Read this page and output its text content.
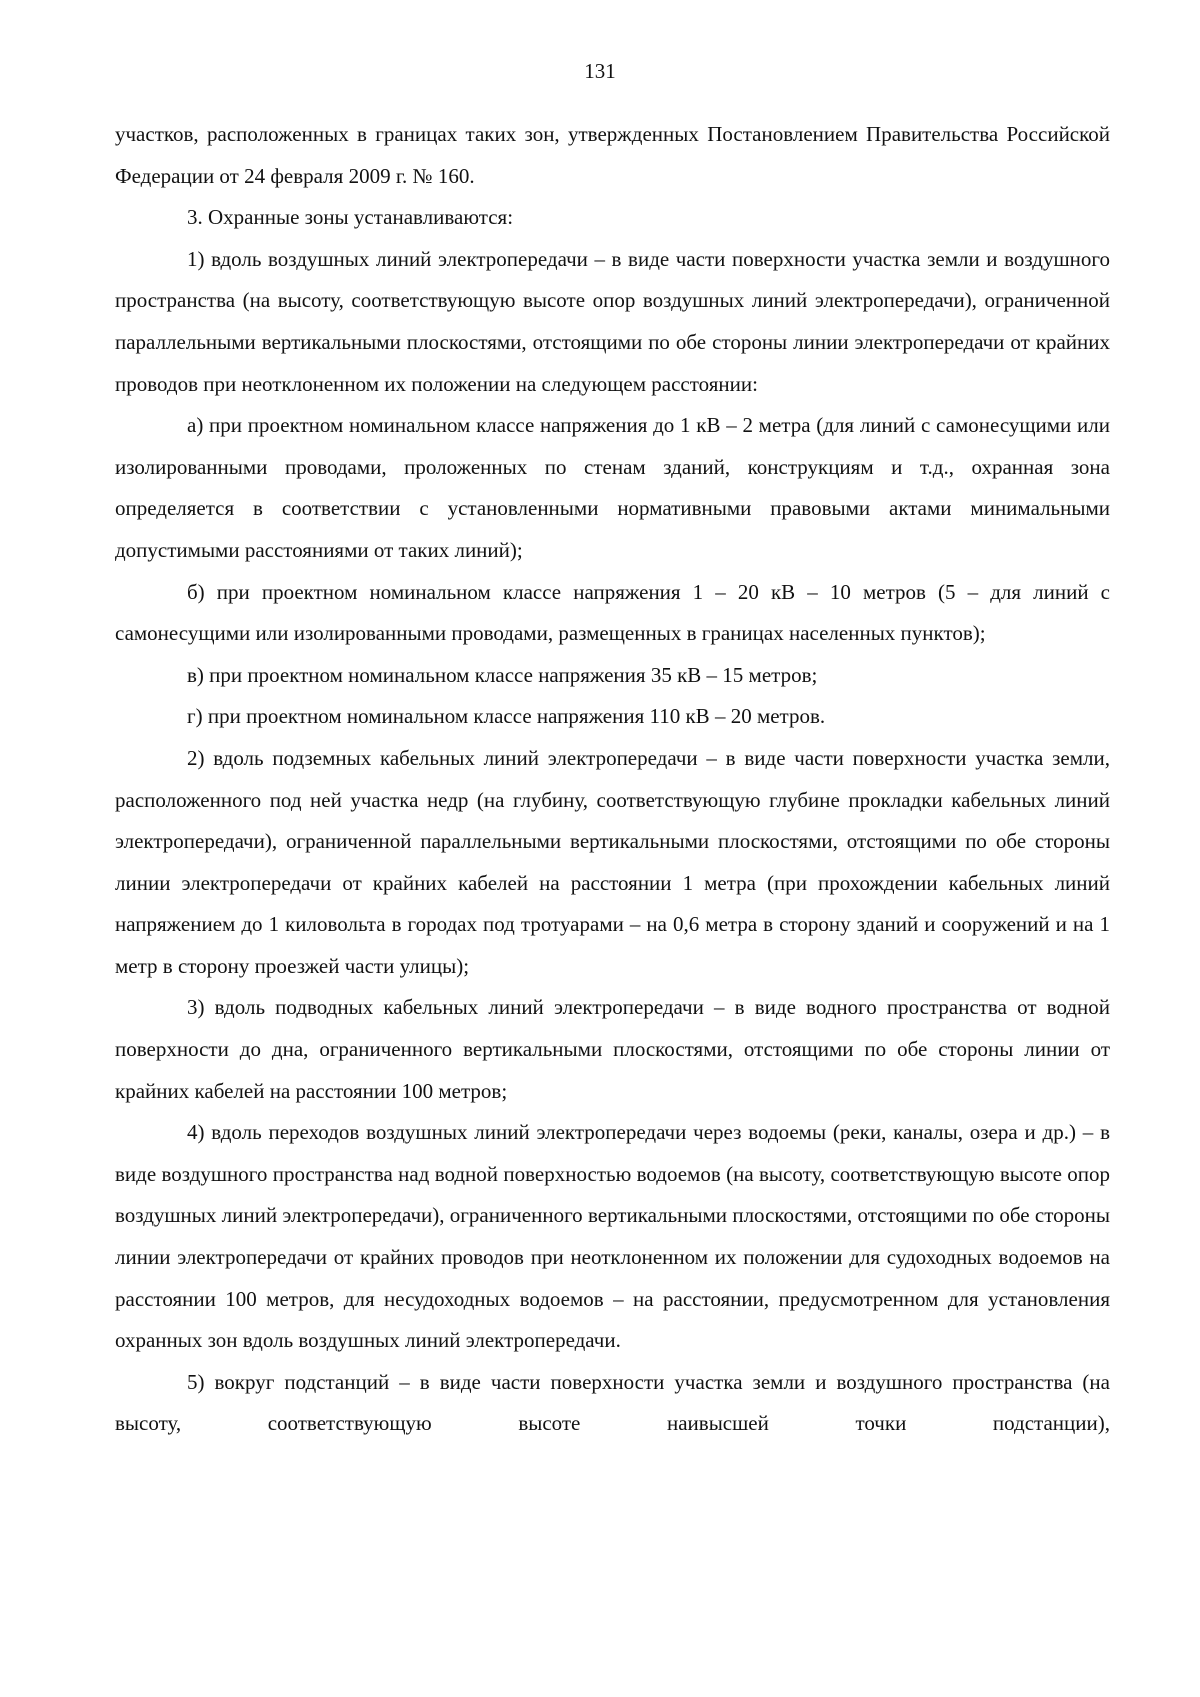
131

участков, расположенных в границах таких зон, утвержденных Постановлением Правительства Российской Федерации от 24 февраля 2009 г. № 160.

3. Охранные зоны устанавливаются:

1) вдоль воздушных линий электропередачи – в виде части поверхности участка земли и воздушного пространства (на высоту, соответствующую высоте опор воздушных линий электропередачи), ограниченной параллельными вертикальными плоскостями, отстоящими по обе стороны линии электропередачи от крайних проводов при неотклоненном их положении на следующем расстоянии:

а) при проектном номинальном классе напряжения до 1 кВ – 2 метра (для линий с самонесущими или изолированными проводами, проложенных по стенам зданий, конструкциям и т.д., охранная зона определяется в соответствии с установленными нормативными правовыми актами минимальными допустимыми расстояниями от таких линий);

б) при проектном номинальном классе напряжения 1 – 20 кВ – 10 метров (5 – для линий с самонесущими или изолированными проводами, размещенных в границах населенных пунктов);

в) при проектном номинальном классе напряжения 35 кВ – 15 метров;

г) при проектном номинальном классе напряжения 110 кВ – 20 метров.

2) вдоль подземных кабельных линий электропередачи – в виде части поверхности участка земли, расположенного под ней участка недр (на глубину, соответствующую глубине прокладки кабельных линий электропередачи), ограниченной параллельными вертикальными плоскостями, отстоящими по обе стороны линии электропередачи от крайних кабелей на расстоянии 1 метра (при прохождении кабельных линий напряжением до 1 киловольта в городах под тротуарами – на 0,6 метра в сторону зданий и сооружений и на 1 метр в сторону проезжей части улицы);

3) вдоль подводных кабельных линий электропередачи – в виде водного пространства от водной поверхности до дна, ограниченного вертикальными плоскостями, отстоящими по обе стороны линии от крайних кабелей на расстоянии 100 метров;

4) вдоль переходов воздушных линий электропередачи через водоемы (реки, каналы, озера и др.) – в виде воздушного пространства над водной поверхностью водоемов (на высоту, соответствующую высоте опор воздушных линий электропередачи), ограниченного вертикальными плоскостями, отстоящими по обе стороны линии электропередачи от крайних проводов при неотклоненном их положении для судоходных водоемов на расстоянии 100 метров, для несудоходных водоемов – на расстоянии, предусмотренном для установления охранных зон вдоль воздушных линий электропередачи.

5) вокруг подстанций – в виде части поверхности участка земли и воздушного пространства (на высоту, соответствующую высоте наивысшей точки подстанции),
